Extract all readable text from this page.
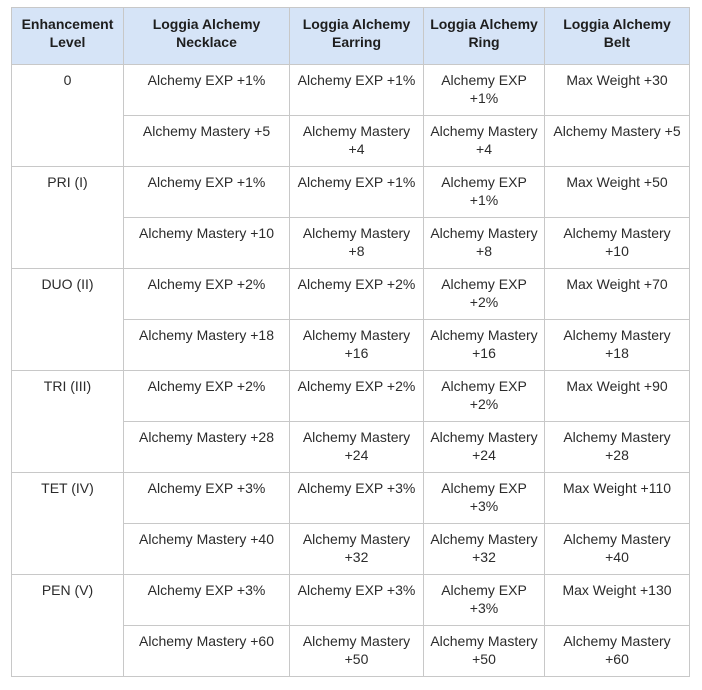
Enhancement Level	Loggia Alchemy Necklace	Loggia Alchemy Earring	Loggia Alchemy Ring	Loggia Alchemy Belt
0	Alchemy EXP +1%	Alchemy EXP +1%	Alchemy EXP +1%	Max Weight +30
	Alchemy Mastery +5	Alchemy Mastery +4	Alchemy Mastery +4	Alchemy Mastery +5
PRI (I)	Alchemy EXP +1%	Alchemy EXP +1%	Alchemy EXP +1%	Max Weight +50
	Alchemy Mastery +10	Alchemy Mastery +8	Alchemy Mastery +8	Alchemy Mastery +10
DUO (II)	Alchemy EXP +2%	Alchemy EXP +2%	Alchemy EXP +2%	Max Weight +70
	Alchemy Mastery +18	Alchemy Mastery +16	Alchemy Mastery +16	Alchemy Mastery +18
TRI (III)	Alchemy EXP +2%	Alchemy EXP +2%	Alchemy EXP +2%	Max Weight +90
	Alchemy Mastery +28	Alchemy Mastery +24	Alchemy Mastery +24	Alchemy Mastery +28
TET (IV)	Alchemy EXP +3%	Alchemy EXP +3%	Alchemy EXP +3%	Max Weight +110
	Alchemy Mastery +40	Alchemy Mastery +32	Alchemy Mastery +32	Alchemy Mastery +40
PEN (V)	Alchemy EXP +3%	Alchemy EXP +3%	Alchemy EXP +3%	Max Weight +130
	Alchemy Mastery +60	Alchemy Mastery +50	Alchemy Mastery +50	Alchemy Mastery +60
